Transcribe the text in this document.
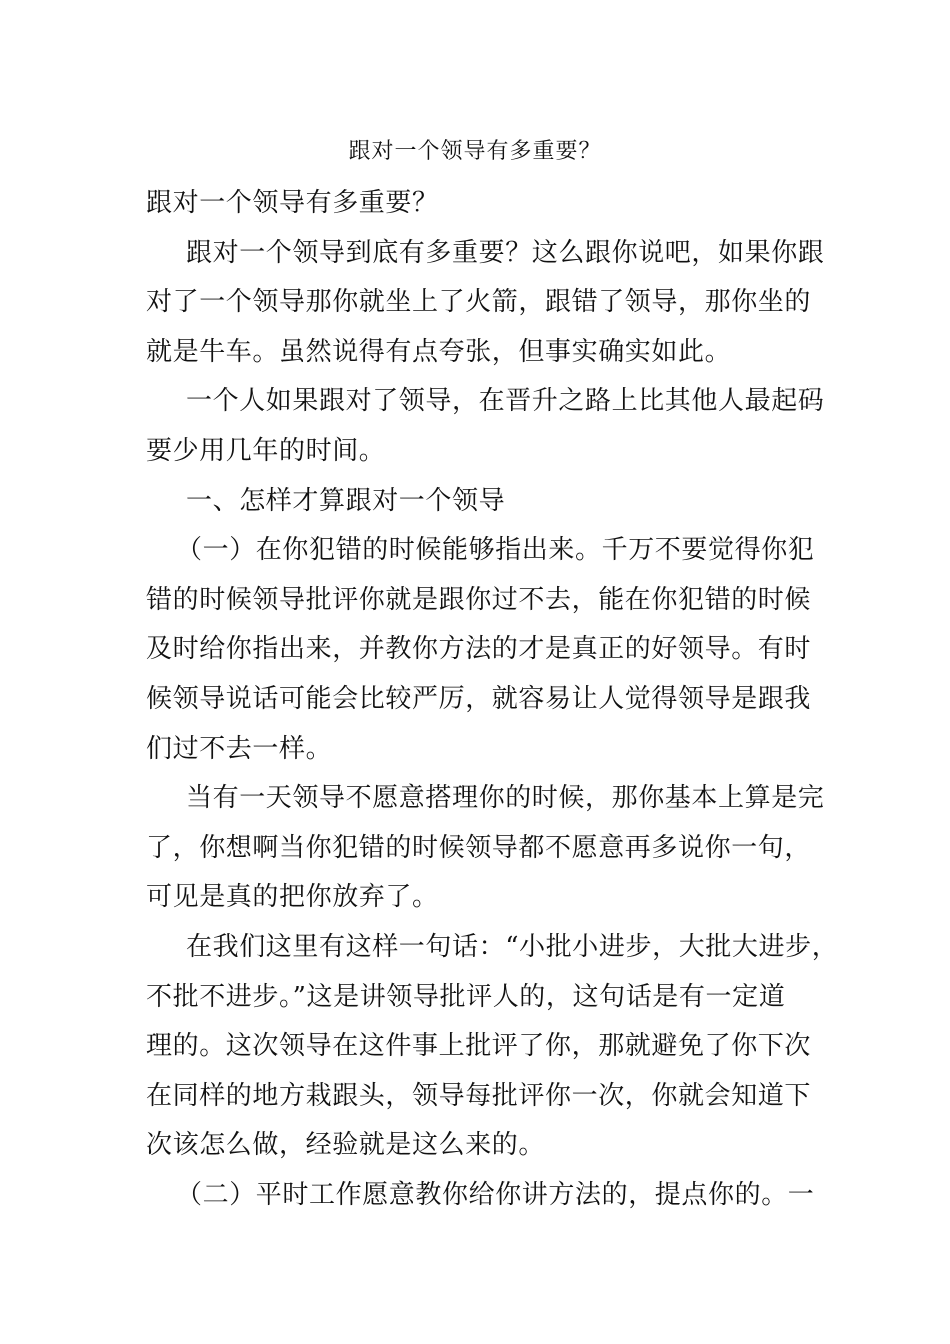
跟对一个领导有多重要？
跟对一个领导有多重要？
跟对一个领导到底有多重要？这么跟你说吧，如果你跟
对了一个领导那你就坐上了火箭，跟错了领导，那你坐的
就是牛车。虽然说得有点夸张，但事实确实如此。
一个人如果跟对了领导，在晋升之路上比其他人最起码
要少用几年的时间。
一、怎样才算跟对一个领导
（一）在你犯错的时候能够指出来。千万不要觉得你犯
错的时候领导批评你就是跟你过不去，能在你犯错的时候
及时给你指出来，并教你方法的才是真正的好领导。有时
候领导说话可能会比较严厉，就容易让人觉得领导是跟我
们过不去一样。
当有一天领导不愿意搭理你的时候，那你基本上算是完
了，你想啊当你犯错的时候领导都不愿意再多说你一句，
可见是真的把你放弃了。
在我们这里有这样一句话：“小批小进步，大批大进步，
不批不进步。”这是讲领导批评人的，这句话是有一定道
理的。这次领导在这件事上批评了你，那就避免了你下次
在同样的地方栽跟头，领导每批评你一次，你就会知道下
次该怎么做，经验就是这么来的。
（二）平时工作愿意教你给你讲方法的，提点你的。一
